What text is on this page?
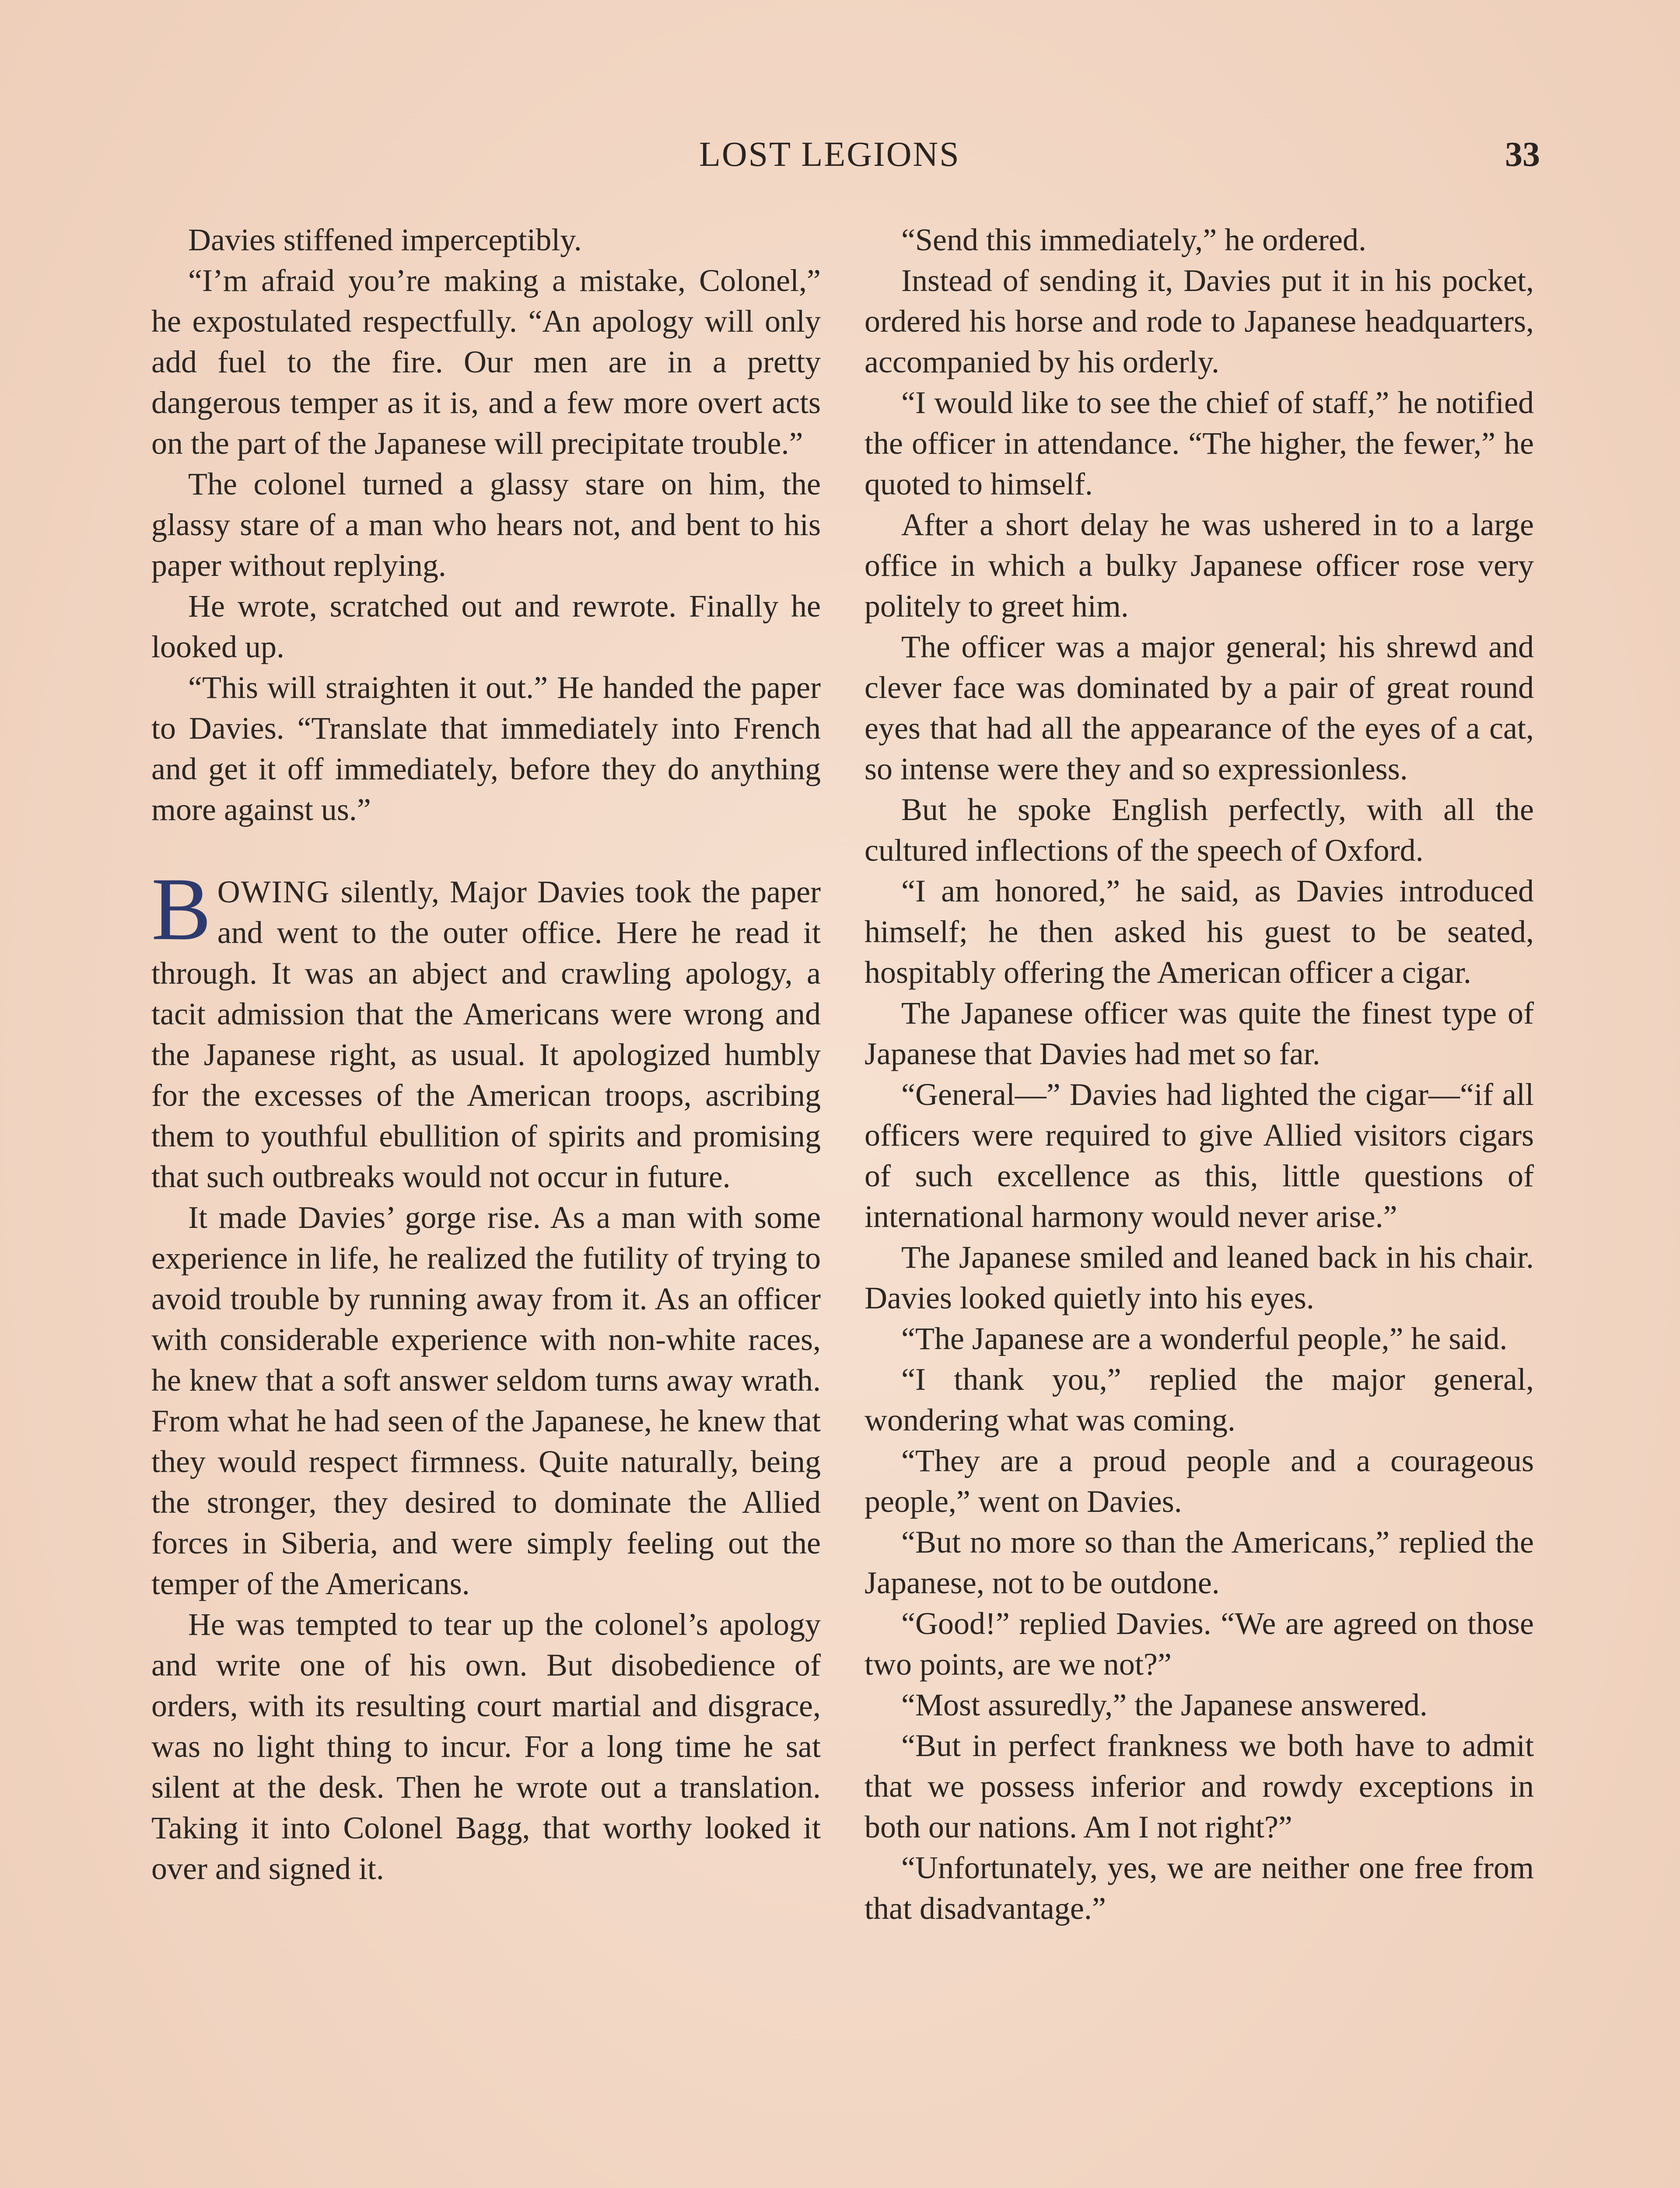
LOST LEGIONS	33

Davies stiffened imperceptibly.

“I’m afraid you’re making a mistake, Colonel,” he expostulated respectfully. “An apology will only add fuel to the fire. Our men are in a pretty dangerous temper as it is, and a few more overt acts on the part of the Japanese will precipitate trouble.”

The colonel turned a glassy stare on him, the glassy stare of a man who hears not, and bent to his paper without replying.

He wrote, scratched out and rewrote. Finally he looked up.

“This will straighten it out.” He handed the paper to Davies. “Translate that immediately into French and get it off immediately, before they do anything more against us.”

BOWING silently, Major Davies took the paper and went to the outer office. Here he read it through. It was an abject and crawling apology, a tacit admission that the Americans were wrong and the Japanese right, as usual. It apologized humbly for the excesses of the American troops, ascribing them to youthful ebullition of spirits and promising that such outbreaks would not occur in future.

It made Davies’ gorge rise. As a man with some experience in life, he realized the futility of trying to avoid trouble by running away from it. As an officer with considerable experience with non-white races, he knew that a soft answer seldom turns away wrath. From what he had seen of the Japanese, he knew that they would respect firmness. Quite naturally, being the stronger, they desired to dominate the Allied forces in Siberia, and were simply feeling out the temper of the Americans.

He was tempted to tear up the colonel’s apology and write one of his own. But disobedience of orders, with its resulting court martial and disgrace, was no light thing to incur. For a long time he sat silent at the desk. Then he wrote out a translation. Taking it into Colonel Bagg, that worthy looked it over and signed it.

“Send this immediately,” he ordered.

Instead of sending it, Davies put it in his pocket, ordered his horse and rode to Japanese headquarters, accompanied by his orderly.

“I would like to see the chief of staff,” he notified the officer in attendance. “The higher, the fewer,” he quoted to himself.

After a short delay he was ushered in to a large office in which a bulky Japanese officer rose very politely to greet him.

The officer was a major general; his shrewd and clever face was dominated by a pair of great round eyes that had all the appearance of the eyes of a cat, so intense were they and so expressionless.

But he spoke English perfectly, with all the cultured inflections of the speech of Oxford.

“I am honored,” he said, as Davies introduced himself; he then asked his guest to be seated, hospitably offering the American officer a cigar.

The Japanese officer was quite the finest type of Japanese that Davies had met so far.

“General—” Davies had lighted the cigar—“if all officers were required to give Allied visitors cigars of such excellence as this, little questions of international harmony would never arise.”

The Japanese smiled and leaned back in his chair. Davies looked quietly into his eyes.

“The Japanese are a wonderful people,” he said.

“I thank you,” replied the major general, wondering what was coming.

“They are a proud people and a courageous people,” went on Davies.

“But no more so than the Americans,” replied the Japanese, not to be outdone.

“Good!” replied Davies. “We are agreed on those two points, are we not?”

“Most assuredly,” the Japanese answered.

“But in perfect frankness we both have to admit that we possess inferior and rowdy exceptions in both our nations. Am I not right?”

“Unfortunately, yes, we are neither one free from that disadvantage.”
